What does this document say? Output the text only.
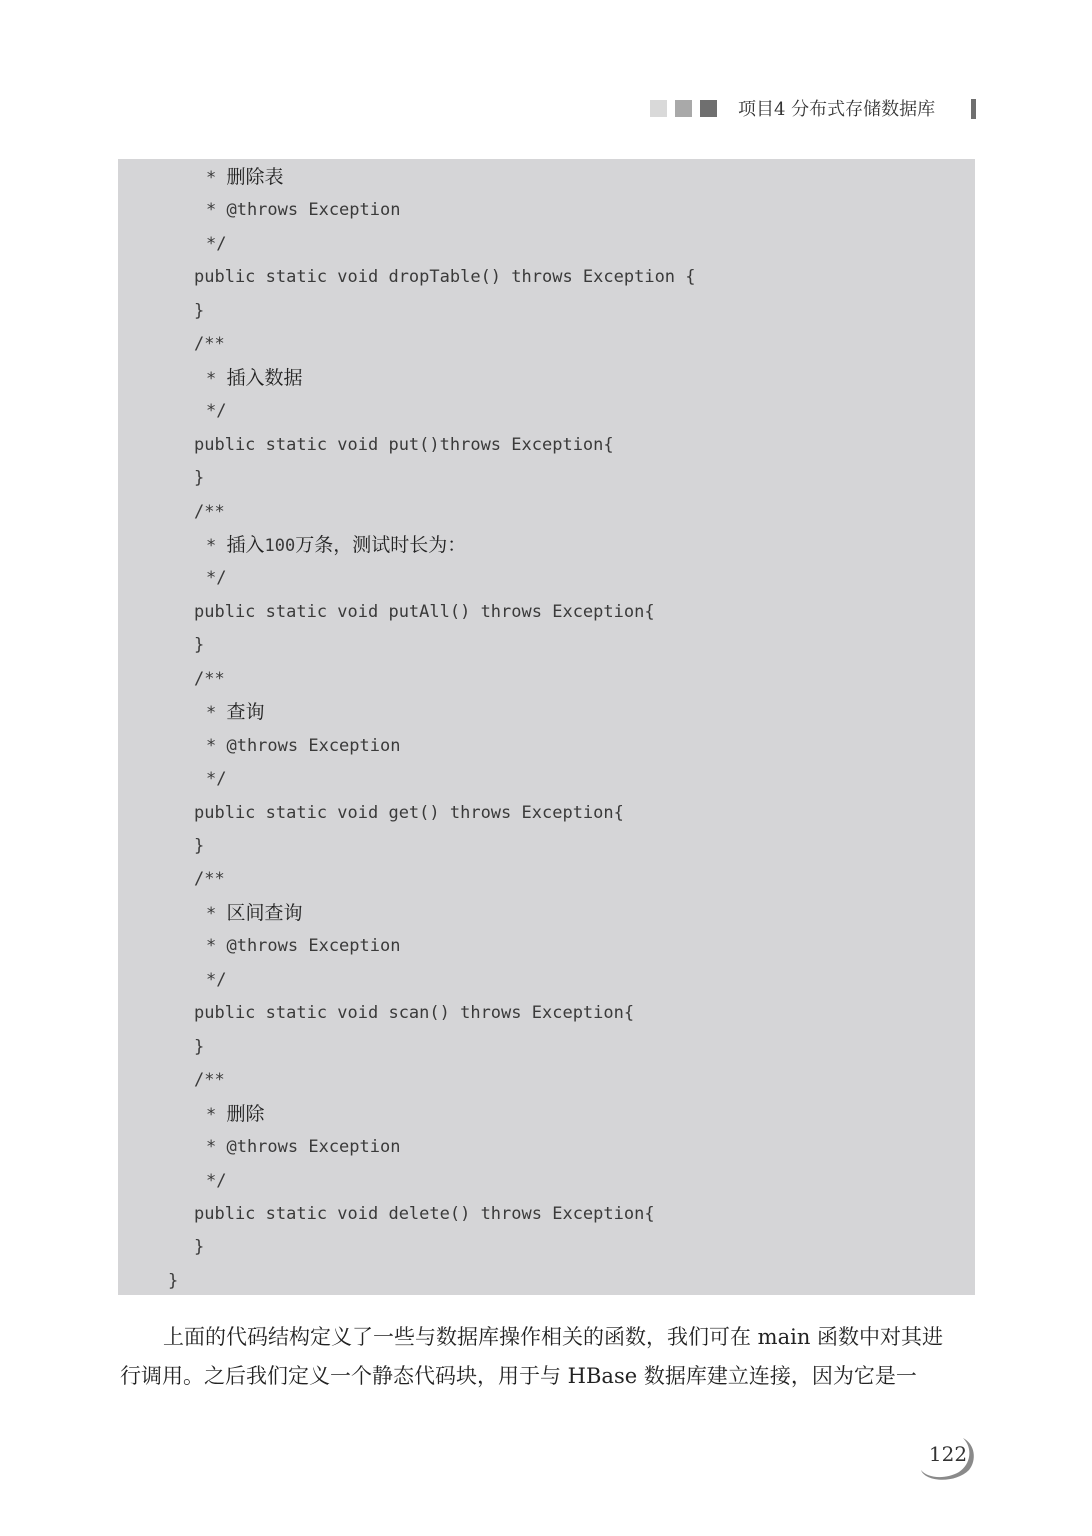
项目4 分布式存储数据库
* 删除表
* @throws Exception
*/
public static void dropTable() throws Exception {
}
/**
* 插入数据
*/
public static void put()throws Exception{
}
/**
* 插入100万条，测试时长为：
*/
public static void putAll() throws Exception{
}
/**
* 查询
* @throws Exception
*/
public static void get() throws Exception{
}
/**
* 区间查询
* @throws Exception
*/
public static void scan() throws Exception{
}
/**
* 删除
* @throws Exception
*/
public static void delete() throws Exception{
}
}
上面的代码结构定义了一些与数据库操作相关的函数，我们可在 main 函数中对其进
行调用。之后我们定义一个静态代码块，用于与 HBase 数据库建立连接，因为它是一
122
